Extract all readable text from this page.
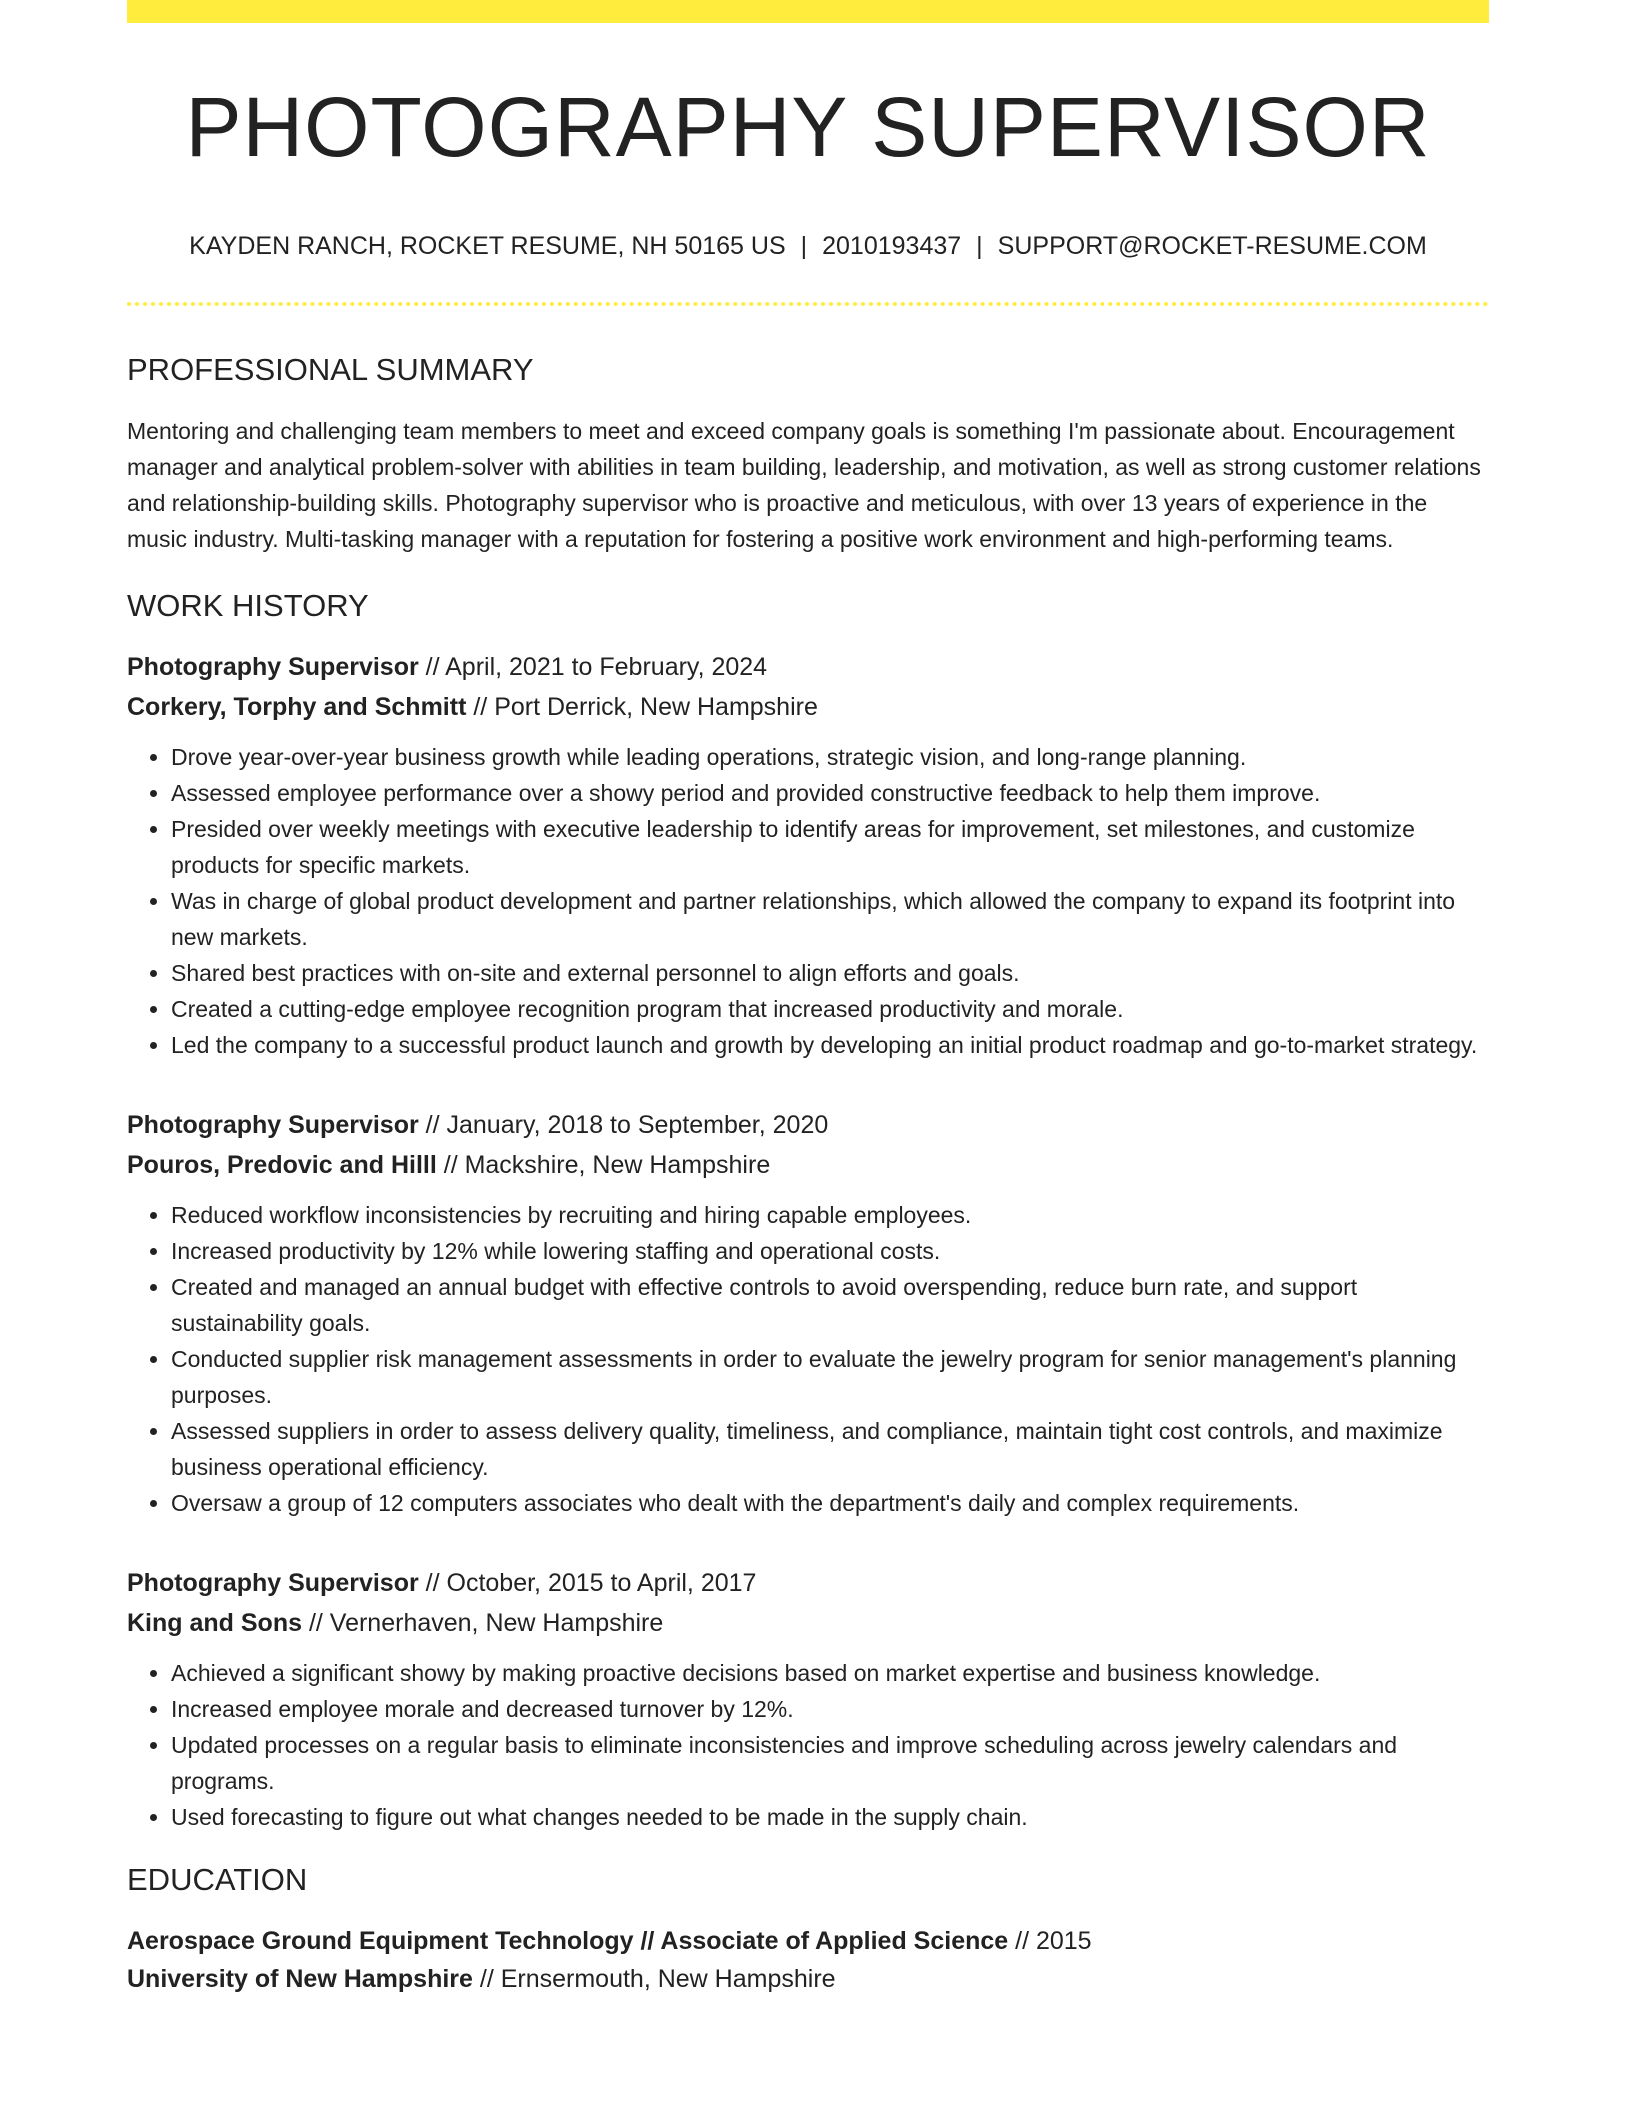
PHOTOGRAPHY SUPERVISOR
KAYDEN RANCH, ROCKET RESUME, NH 50165 US | 2010193437 | SUPPORT@ROCKET-RESUME.COM
PROFESSIONAL SUMMARY

Mentoring and challenging team members to meet and exceed company goals is something I'm passionate about. Encouragement manager and analytical problem-solver with abilities in team building, leadership, and motivation, as well as strong customer relations and relationship-building skills. Photography supervisor who is proactive and meticulous, with over 13 years of experience in the music industry. Multi-tasking manager with a reputation for fostering a positive work environment and high-performing teams.

WORK HISTORY
Photography Supervisor // April, 2021 to February, 2024
Corkery, Torphy and Schmitt // Port Derrick, New Hampshire
• Drove year-over-year business growth while leading operations, strategic vision, and long-range planning.
• Assessed employee performance over a showy period and provided constructive feedback to help them improve.
• Presided over weekly meetings with executive leadership to identify areas for improvement, set milestones, and customize products for specific markets.
• Was in charge of global product development and partner relationships, which allowed the company to expand its footprint into new markets.
• Shared best practices with on-site and external personnel to align efforts and goals.
• Created a cutting-edge employee recognition program that increased productivity and morale.
• Led the company to a successful product launch and growth by developing an initial product roadmap and go-to-market strategy.
Photography Supervisor // January, 2018 to September, 2020
Pouros, Predovic and Hilll // Mackshire, New Hampshire
• Reduced workflow inconsistencies by recruiting and hiring capable employees.
• Increased productivity by 12% while lowering staffing and operational costs.
• Created and managed an annual budget with effective controls to avoid overspending, reduce burn rate, and support sustainability goals.
• Conducted supplier risk management assessments in order to evaluate the jewelry program for senior management's planning purposes.
• Assessed suppliers in order to assess delivery quality, timeliness, and compliance, maintain tight cost controls, and maximize business operational efficiency.
• Oversaw a group of 12 computers associates who dealt with the department's daily and complex requirements.
Photography Supervisor // October, 2015 to April, 2017
King and Sons // Vernerhaven, New Hampshire
• Achieved a significant showy by making proactive decisions based on market expertise and business knowledge.
• Increased employee morale and decreased turnover by 12%.
• Updated processes on a regular basis to eliminate inconsistencies and improve scheduling across jewelry calendars and programs.
• Used forecasting to figure out what changes needed to be made in the supply chain.
EDUCATION
Aerospace Ground Equipment Technology // Associate of Applied Science // 2015
University of New Hampshire // Ernsermouth, New Hampshire
